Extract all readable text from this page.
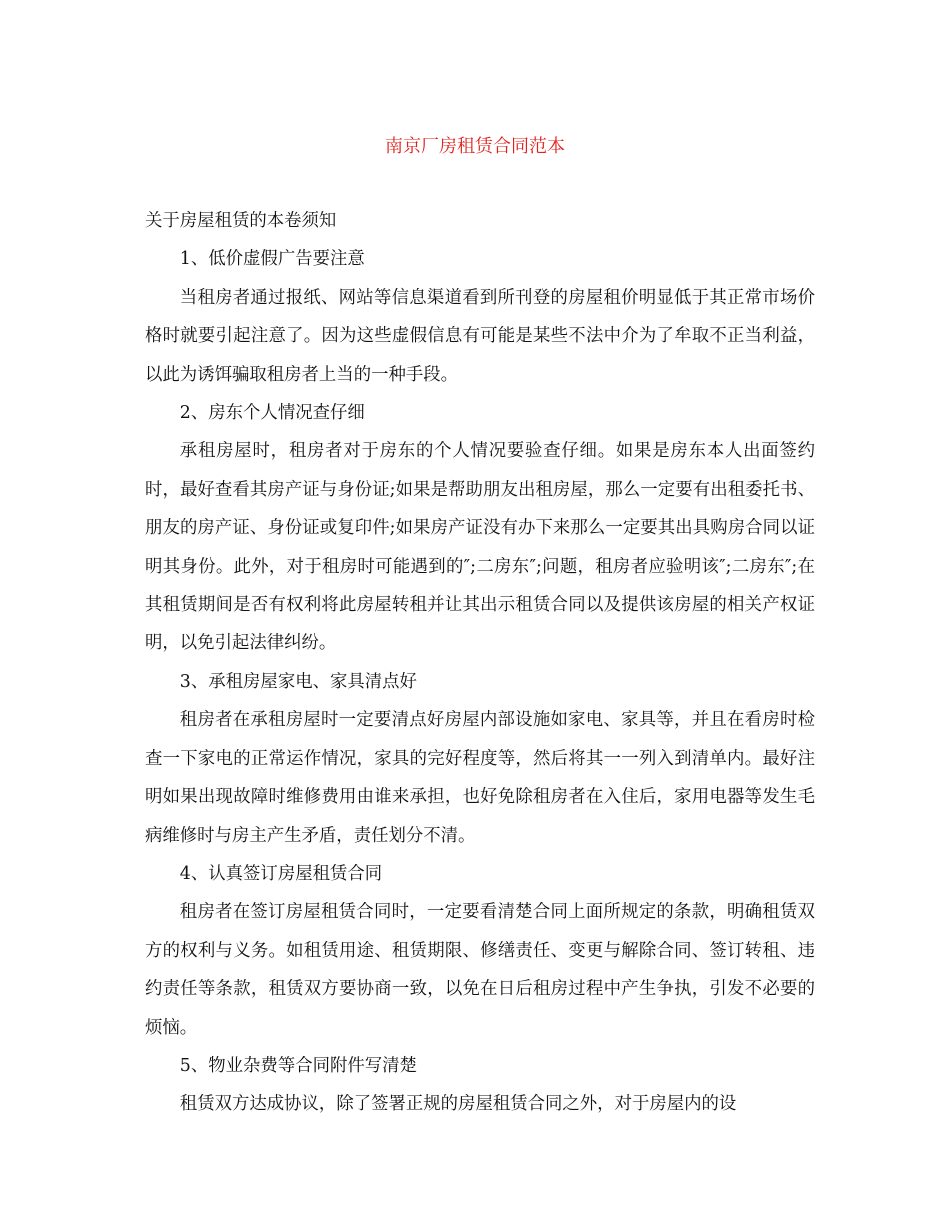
南京厂房租赁合同范本

关于房屋租赁的本卷须知

1、低价虚假广告要注意

当租房者通过报纸、网站等信息渠道看到所刊登的房屋租价明显低于其正常市场价格时就要引起注意了。因为这些虚假信息有可能是某些不法中介为了牟取不正当利益，以此为诱饵骗取租房者上当的一种手段。

2、房东个人情况查仔细

承租房屋时，租房者对于房东的个人情况要验查仔细。如果是房东本人出面签约时，最好查看其房产证与身份证;如果是帮助朋友出租房屋，那么一定要有出租委托书、朋友的房产证、身份证或复印件;如果房产证没有办下来那么一定要其出具购房合同以证明其身份。此外，对于租房时可能遇到的″;二房东″;问题，租房者应验明该″;二房东″;在其租赁期间是否有权利将此房屋转租并让其出示租赁合同以及提供该房屋的相关产权证明，以免引起法律纠纷。

3、承租房屋家电、家具清点好

租房者在承租房屋时一定要清点好房屋内部设施如家电、家具等，并且在看房时检查一下家电的正常运作情况，家具的完好程度等，然后将其一一列入到清单内。最好注明如果出现故障时维修费用由谁来承担，也好免除租房者在入住后，家用电器等发生毛病维修时与房主产生矛盾，责任划分不清。

4、认真签订房屋租赁合同

租房者在签订房屋租赁合同时，一定要看清楚合同上面所规定的条款，明确租赁双方的权利与义务。如租赁用途、租赁期限、修缮责任、变更与解除合同、签订转租、违约责任等条款，租赁双方要协商一致，以免在日后租房过程中产生争执，引发不必要的烦恼。

5、物业杂费等合同附件写清楚

租赁双方达成协议，除了签署正规的房屋租赁合同之外，对于房屋内的设
